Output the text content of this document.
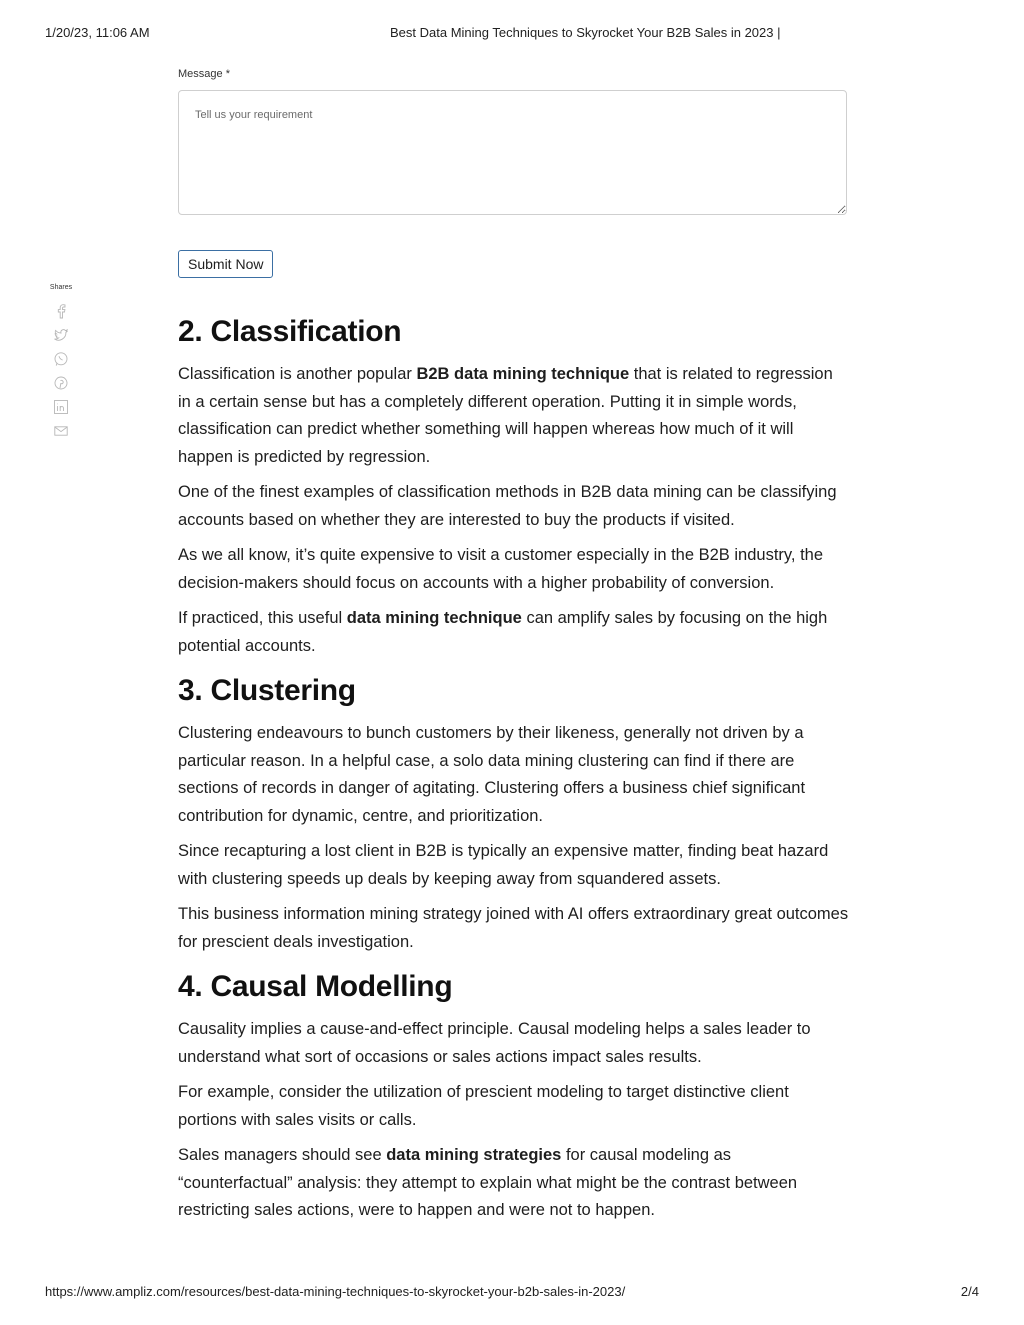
1/20/23, 11:06 AM	Best Data Mining Techniques to Skyrocket Your B2B Sales in 2023 |
Shares
Message *
Tell us your requirement
Submit Now
2. Classification

Classification is another popular B2B data mining technique that is related to regression in a certain sense but has a completely different operation. Putting it in simple words, classification can predict whether something will happen whereas how much of it will happen is predicted by regression.

One of the finest examples of classification methods in B2B data mining can be classifying accounts based on whether they are interested to buy the products if visited.

As we all know, it’s quite expensive to visit a customer especially in the B2B industry, the decision-makers should focus on accounts with a higher probability of conversion.

If practiced, this useful data mining technique can amplify sales by focusing on the high potential accounts.

3. Clustering

Clustering endeavours to bunch customers by their likeness, generally not driven by a particular reason. In a helpful case, a solo data mining clustering can find if there are sections of records in danger of agitating. Clustering offers a business chief significant contribution for dynamic, centre, and prioritization.

Since recapturing a lost client in B2B is typically an expensive matter, finding beat hazard with clustering speeds up deals by keeping away from squandered assets.

This business information mining strategy joined with AI offers extraordinary great outcomes for prescient deals investigation.

4. Causal Modelling

Causality implies a cause-and-effect principle. Causal modeling helps a sales leader to understand what sort of occasions or sales actions impact sales results.

For example, consider the utilization of prescient modeling to target distinctive client portions with sales visits or calls.

Sales managers should see data mining strategies for causal modeling as “counterfactual” analysis: they attempt to explain what might be the contrast between restricting sales actions, were to happen and were not to happen.

https://www.ampliz.com/resources/best-data-mining-techniques-to-skyrocket-your-b2b-sales-in-2023/	2/4
